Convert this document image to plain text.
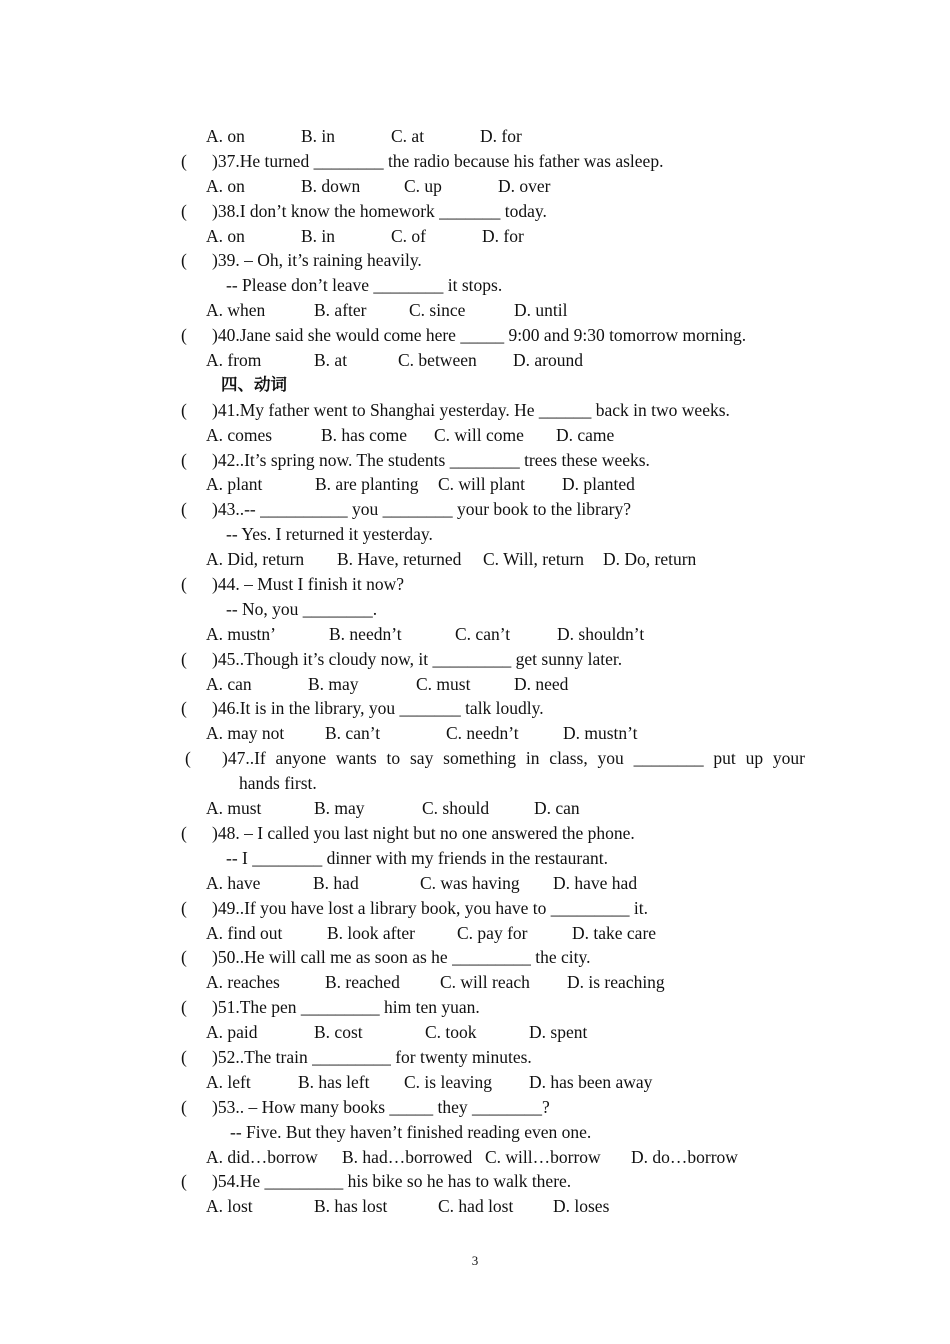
A. on	B. in	C. at	D. for
( )37.He turned ________ the radio because his father was asleep.
A. on	B. down C. up	D. over
( )38.I don’t know the homework _______ today.
A. on	B. in	C. of	D. for
( )39. – Oh, it’s raining heavily.
-- Please don’t leave ________ it stops.
A. when	B. after C. since	D. until
( )40.Jane said she would come here _____ 9:00 and 9:30 tomorrow morning.
A. from	B. at	C. between D. around
四、动词
( )41.My father went to Shanghai yesterday. He ______ back in two weeks.
A. comes	B. has come C. will come D. came
( )42..It’s spring now. The students ________ trees these weeks.
A. plant	B. are planting C. will plant D. planted
( )43..-- __________ you ________ your book to the library?
-- Yes. I returned it yesterday.
A. Did, return B. Have, returned C. Will, return D. Do, return
( )44. – Must I finish it now?
-- No, you ________.
A. mustn’	B. needn’t	C. can’t	D. shouldn’t
( )45..Though it’s cloudy now, it _________ get sunny later.
A. can	B. may	C. must D. need
( )46.It is in the library, you _______ talk loudly.
A. may not B. can’t	C. needn’t	D. mustn’t
( )47..If anyone wants to say something in class, you ________ put up your
hands first.
A. must	B. may	C. should	D. can
( )48. – I called you last night but no one answered the phone.
-- I ________ dinner with my friends in the restaurant.
A. have	B. had	C. was having D. have had
( )49..If you have lost a library book, you have to _________ it.
A. find out	B. look after C. pay for	D. take care
( )50..He will call me as soon as he _________ the city.
A. reaches	B. reached C. will reach D. is reaching
( )51.The pen _________ him ten yuan.
A. paid	B. cost	C. took	D. spent
( )52..The train _________ for twenty minutes.
A. left	B. has left C. is leaving D. has been away
( )53.. – How many books _____ they ________?
-- Five. But they haven’t finished reading even one.
A. did…borrow B. had…borrowed C. will…borrow D. do…borrow
( )54.He _________ his bike so he has to walk there.
A. lost	B. has lost	C. had lost D. loses
3
